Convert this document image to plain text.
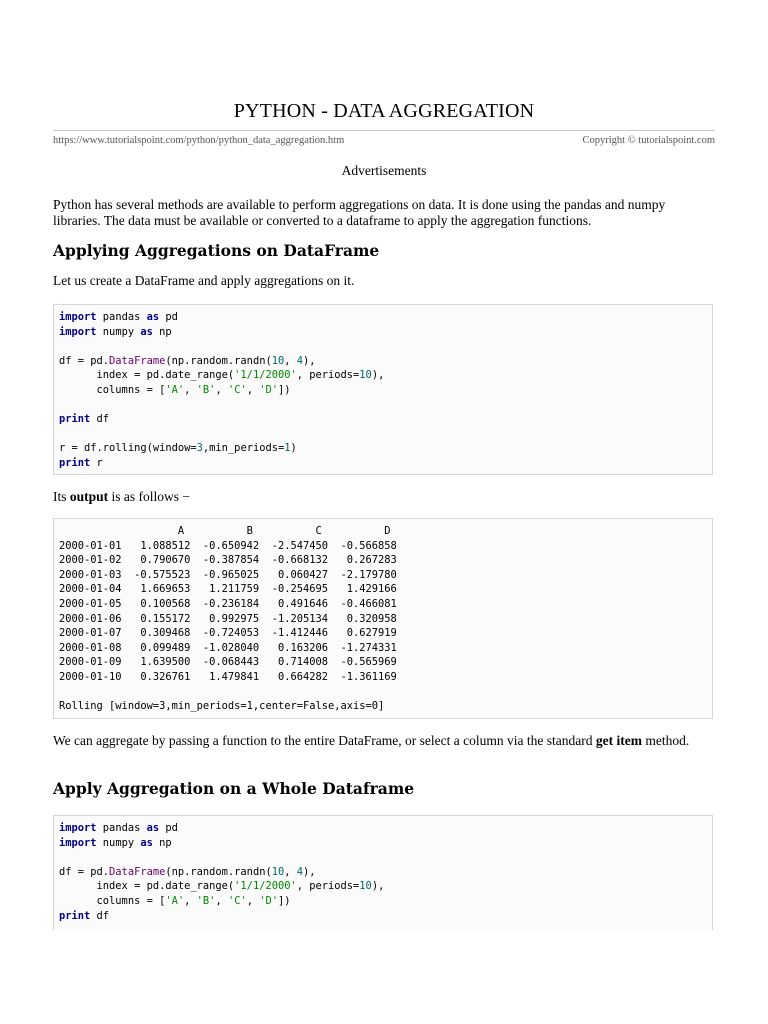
PYTHON - DATA AGGREGATION
https://www.tutorialspoint.com/python/python_data_aggregation.htm	Copyright © tutorialspoint.com
Advertisements
Python has several methods are available to perform aggregations on data. It is done using the pandas and numpy libraries. The data must be available or converted to a dataframe to apply the aggregation functions.
Applying Aggregations on DataFrame
Let us create a DataFrame and apply aggregations on it.
import pandas as pd
import numpy as np

df = pd.DataFrame(np.random.randn(10, 4),
index = pd.date_range('1/1/2000', periods=10),
columns = ['A', 'B', 'C', 'D'])

print df

r = df.rolling(window=3,min_periods=1)
print r
Its output is as follows −
A          B          C          D
2000-01-01   1.088512  -0.650942  -2.547450  -0.566858
2000-01-02   0.790670  -0.387854  -0.668132   0.267283
2000-01-03  -0.575523  -0.965025   0.060427  -2.179780
2000-01-04   1.669653   1.211759  -0.254695   1.429166
2000-01-05   0.100568  -0.236184   0.491646  -0.466081
2000-01-06   0.155172   0.992975  -1.205134   0.320958
2000-01-07   0.309468  -0.724053  -1.412446   0.627919
2000-01-08   0.099489  -1.028040   0.163206  -1.274331
2000-01-09   1.639500  -0.068443   0.714008  -0.565969
2000-01-10   0.326761   1.479841   0.664282  -1.361169

Rolling [window=3,min_periods=1,center=False,axis=0]
We can aggregate by passing a function to the entire DataFrame, or select a column via the standard get item method.
Apply Aggregation on a Whole Dataframe
import pandas as pd
import numpy as np

df = pd.DataFrame(np.random.randn(10, 4),
index = pd.date_range('1/1/2000', periods=10),
columns = ['A', 'B', 'C', 'D'])
print df
